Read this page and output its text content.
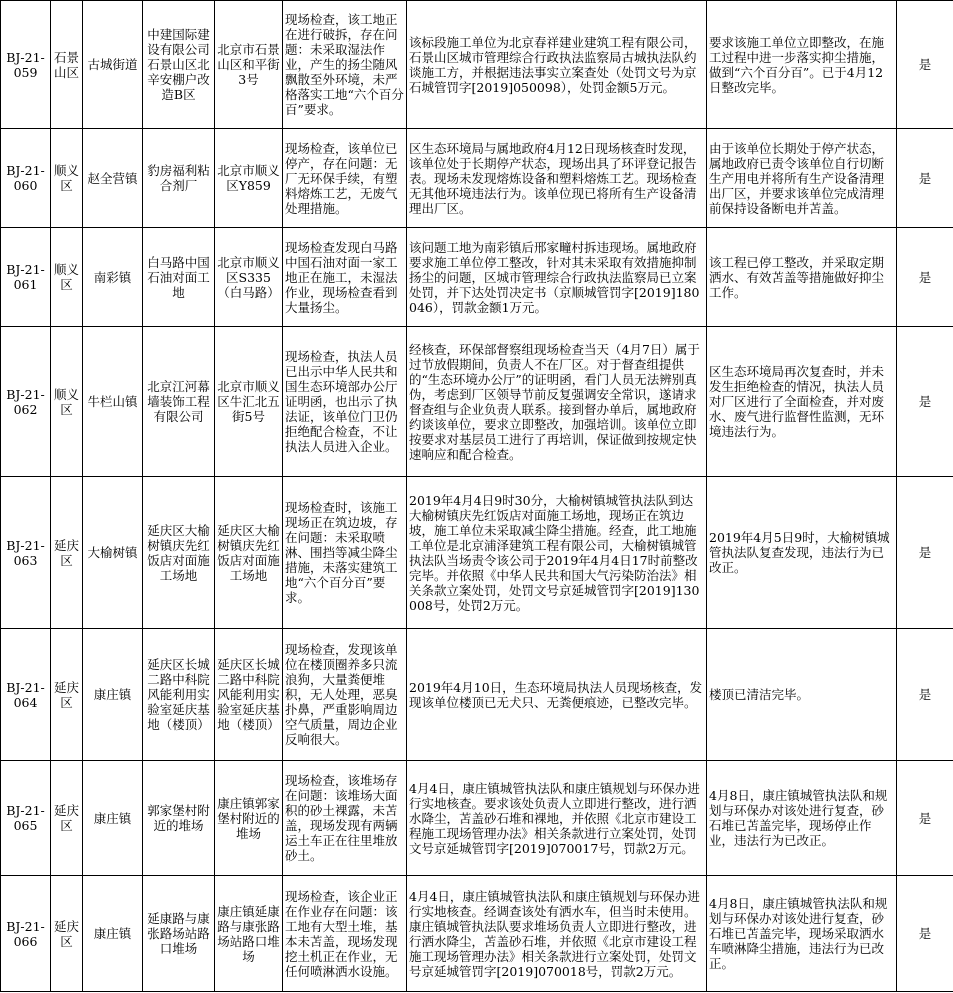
BJ-21-059	石景山区	古城街道	中建国际建设有限公司石景山区北辛安棚户改造B区	北京市石景山区和平街3号	现场检查，该工地正在进行破拆，存在问题：未采取湿法作业，产生的扬尘随风飘散至外环境，未严格落实工地“六个百分百”要求。	该标段施工单位为北京春祥建业建筑工程有限公司，石景山区城市管理综合行政执法监察局古城执法队约谈施工方，并根据违法事实立案查处（处罚文号为京石城管罚字[2019]050098），处罚金额5万元。	要求该施工单位立即整改，在施工过程中进一步落实抑尘措施，做到“六个百分百”。已于4月12日整改完毕。	是
BJ-21-060	顺义区	赵全营镇	豹房福利粘合剂厂	北京市顺义区Y859	现场检查，该单位已停产，存在问题：无厂无环保手续，有塑料熔炼工艺，无废气处理措施。	区生态环境局与属地政府4月12日现场核查时发现，该单位处于长期停产状态，现场出具了环评登记报告表。现场未发现熔炼设备和塑料熔炼工艺。现场检查无其他环境违法行为。该单位现已将所有生产设备清理出厂区。	由于该单位长期处于停产状态，属地政府已责令该单位自行切断生产用电并将所有生产设备清理出厂区，并要求该单位完成清理前保持设备断电并苫盖。	是
BJ-21-061	顺义区	南彩镇	白马路中国石油对面工地	北京市顺义区S335（白马路）	现场检查发现白马路中国石油对面一家工地正在施工，未湿法作业，现场检查看到大量扬尘。	该问题工地为南彩镇后邢家疃村拆违现场。属地政府要求施工单位停工整改，针对其未采取有效措施抑制扬尘的问题，区城市管理综合行政执法监察局已立案处罚，并下达处罚决定书（京顺城管罚字[2019]180046），罚款金额1万元。	该工程已停工整改，并采取定期洒水、有效苫盖等措施做好抑尘工作。	是
BJ-21-062	顺义区	牛栏山镇	北京江河幕墙装饰工程有限公司	北京市顺义区牛汇北五街5号	现场检查，执法人员已出示中华人民共和国生态环境部办公厅证明函，也出示了执法证，该单位门卫仍拒绝配合检查，不让执法人员进入企业。	经核查，环保部督察组现场检查当天（4月7日）属于过节放假期间，负责人不在厂区。对于督查组提供的“生态环境办公厅”的证明函，看门人员无法辨别真伪，考虑到厂区领导节前反复强调安全常识，遂请求督查组与企业负责人联系。接到督办单后，属地政府约谈该单位，要求立即整改，加强培训。该单位立即按要求对基层员工进行了再培训，保证做到按规定快速响应和配合检查。	区生态环境局再次复查时，并未发生拒绝检查的情况，执法人员对厂区进行了全面检查，并对废水、废气进行监督性监测，无环境违法行为。	是
BJ-21-063	延庆区	大榆树镇	延庆区大榆树镇庆先红饭店对面施工场地	延庆区大榆树镇庆先红饭店对面施工场地	现场检查时，该施工现场正在筑边坡，存在问题：未采取喷淋、围挡等减尘降尘措施，未落实建筑工地“六个百分百”要求。	2019年4月4日9时30分，大榆树镇城管执法队到达大榆树镇庆先红饭店对面施工场地，现场正在筑边坡，施工单位未采取减尘降尘措施。经查，此工地施工单位是北京浦泽建筑工程有限公司，大榆树镇城管执法队当场责令该公司于2019年4月4日17时前整改完毕。并依照《中华人民共和国大气污染防治法》相关条款立案处罚，处罚文号京延城管罚字[2019]130008号，处罚2万元。	2019年4月5日9时，大榆树镇城管执法队复查发现，违法行为已改正。	是
BJ-21-064	延庆区	康庄镇	延庆区长城二路中科院风能利用实验室延庆基地（楼顶）	延庆区长城二路中科院风能利用实验室延庆基地（楼顶）	现场检查，发现该单位在楼顶圈养多只流浪狗，大量粪便堆积，无人处理，恶臭扑鼻，严重影响周边空气质量，周边企业反响很大。	2019年4月10日，生态环境局执法人员现场核查，发现该单位楼顶已无犬只、无粪便痕迹，已整改完毕。	楼顶已清洁完毕。	是
BJ-21-065	延庆区	康庄镇	郭家堡村附近的堆场	康庄镇郭家堡村附近的堆场	现场检查，该堆场存在问题：该堆场大面积的砂土裸露，未苫盖，现场发现有两辆运土车正在往里堆放砂土。	4月4日，康庄镇城管执法队和康庄镇规划与环保办进行实地核查。要求该处负责人立即进行整改，进行洒水降尘，苫盖砂石堆和裸地，并依照《北京市建设工程施工现场管理办法》相关条款进行立案处罚，处罚文号京延城管罚字[2019]070017号，罚款2万元。	4月8日，康庄镇城管执法队和规划与环保办对该处进行复查，砂石堆已苫盖完毕，现场停止作业，违法行为已改正。	是
BJ-21-066	延庆区	康庄镇	延康路与康张路场站路口堆场	康庄镇延康路与康张路场站路口堆场	现场检查，该企业正在作业存在问题：该工地有大型土堆，基本未苫盖，现场发现挖土机正在作业，无任何喷淋洒水设施。	4月4日，康庄镇城管执法队和康庄镇规划与环保办进行实地核查。经调查该处有洒水车，但当时未使用。康庄镇城管执法队要求堆场负责人立即进行整改，进行洒水降尘，苫盖砂石堆，并依照《北京市建设工程施工现场管理办法》相关条款进行立案处罚，处罚文号京延城管罚字[2019]070018号，罚款2万元。	4月8日，康庄镇城管执法队和规划与环保办对该处进行复查，砂石堆已苫盖完毕，现场采取洒水车喷淋降尘措施，违法行为已改正。	是
